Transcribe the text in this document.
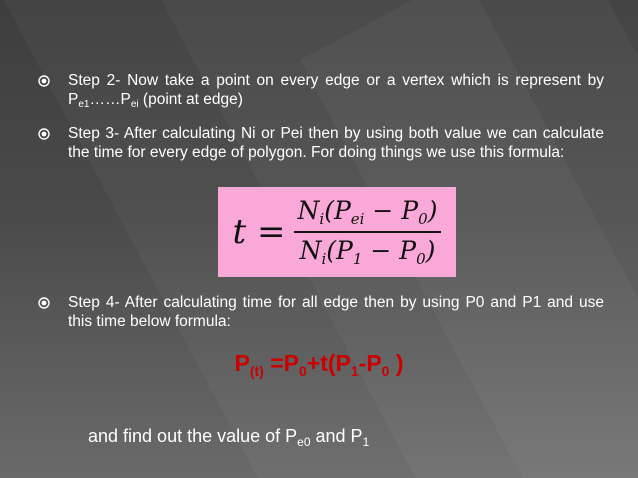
Step 2- Now take a point on every edge or a vertex which is represent by $P_{e1}\dots\dots P_{ei}$ (point at edge)
Step 3- After calculating Ni or Pei then by using both value we can calculate the time for every edge of polygon. For doing things we use this formula:
$t = \frac{N_i(P_{ei} - P_0)}{N_i(P_1 - P_0)}$
Step 4- After calculating time for all edge then by using P0 and P1 and use this time below formula:
$P_{(t)} =P_0+t(P_1-P_0$ )
and find out the value of $P_{e0}$ and $P_1$
